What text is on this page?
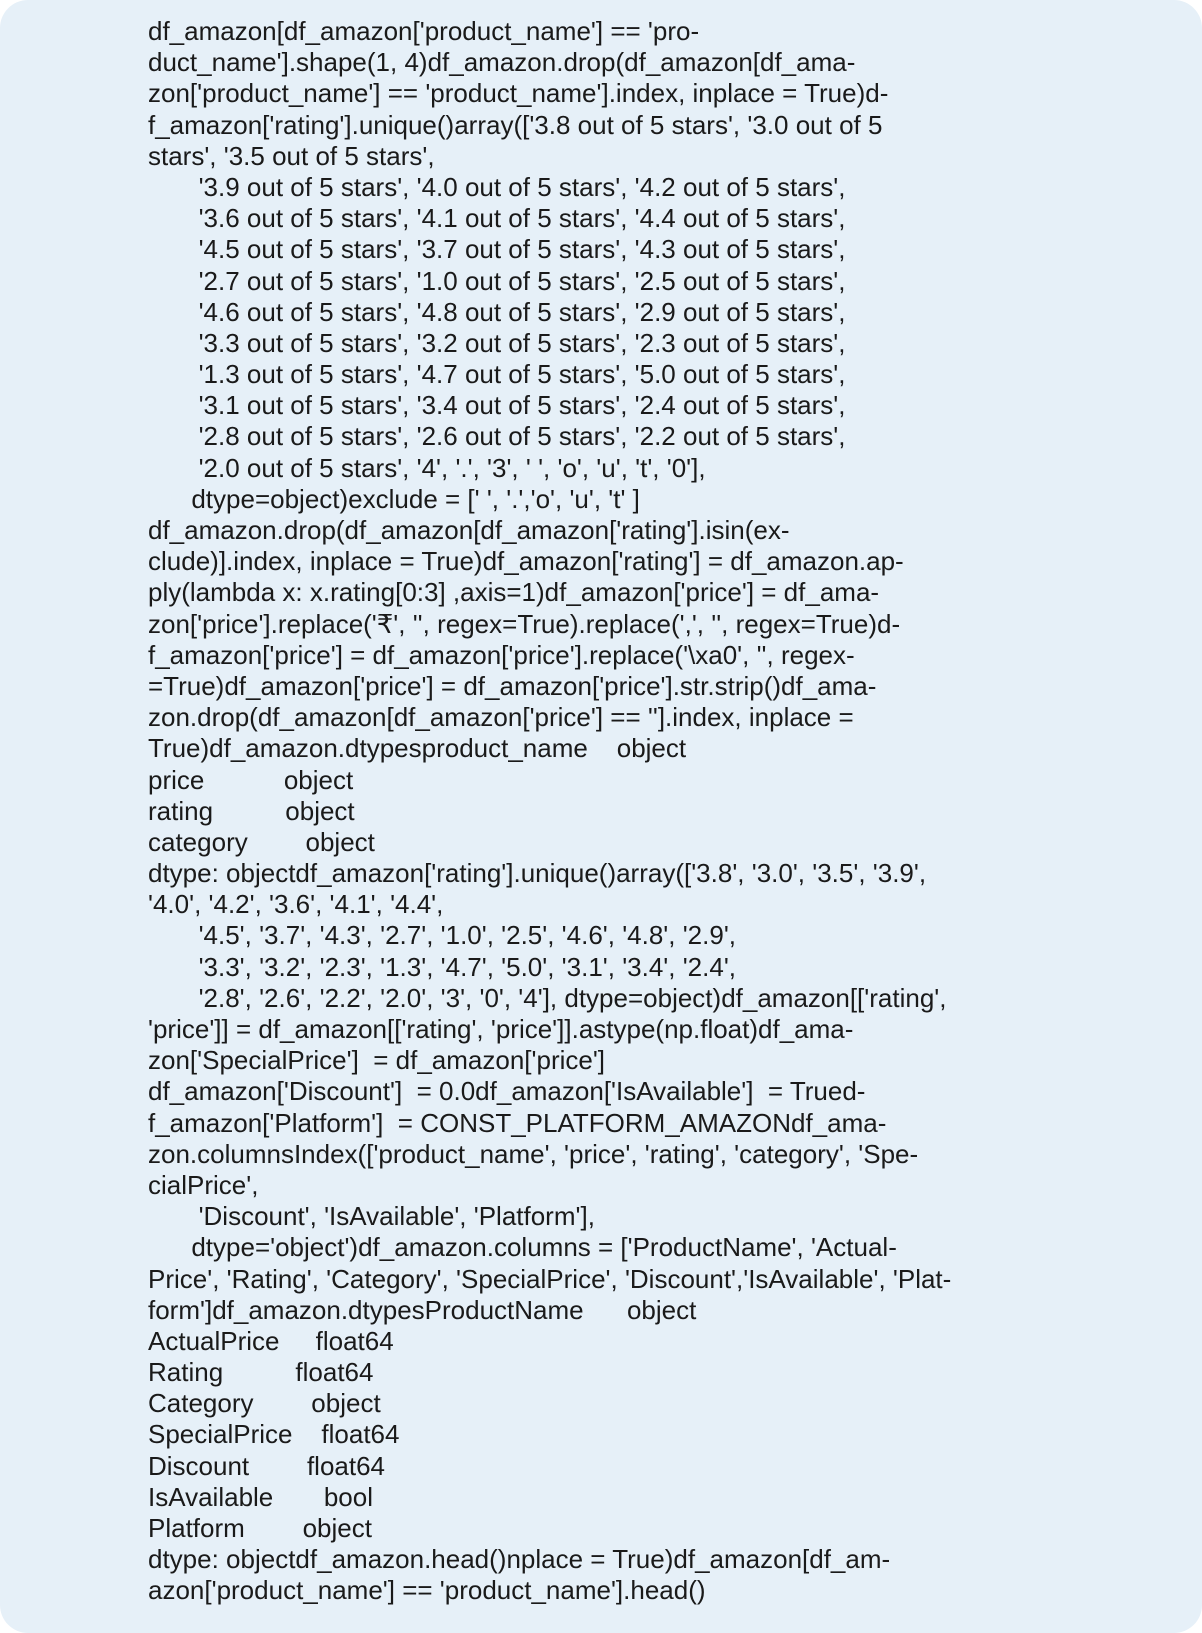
df_amazon[df_amazon['product_name'] == 'pro-
duct_name'].shape(1, 4)df_amazon.drop(df_amazon[df_ama-
zon['product_name'] == 'product_name'].index, inplace = True)d-
f_amazon['rating'].unique()array(['3.8 out of 5 stars', '3.0 out of 5
stars', '3.5 out of 5 stars',
'3.9 out of 5 stars', '4.0 out of 5 stars', '4.2 out of 5 stars',
'3.6 out of 5 stars', '4.1 out of 5 stars', '4.4 out of 5 stars',
'4.5 out of 5 stars', '3.7 out of 5 stars', '4.3 out of 5 stars',
'2.7 out of 5 stars', '1.0 out of 5 stars', '2.5 out of 5 stars',
'4.6 out of 5 stars', '4.8 out of 5 stars', '2.9 out of 5 stars',
'3.3 out of 5 stars', '3.2 out of 5 stars', '2.3 out of 5 stars',
'1.3 out of 5 stars', '4.7 out of 5 stars', '5.0 out of 5 stars',
'3.1 out of 5 stars', '3.4 out of 5 stars', '2.4 out of 5 stars',
'2.8 out of 5 stars', '2.6 out of 5 stars', '2.2 out of 5 stars',
'2.0 out of 5 stars', '4', '.', '3', ' ', 'o', 'u', 't', '0'],
dtype=object)exclude = [' ', '.','o', 'u', 't' ]
df_amazon.drop(df_amazon[df_amazon['rating'].isin(ex-
clude)].index, inplace = True)df_amazon['rating'] = df_amazon.ap-
ply(lambda x: x.rating[0:3] ,axis=1)df_amazon['price'] = df_ama-
zon['price'].replace('₹', '', regex=True).replace(',', '', regex=True)d-
f_amazon['price'] = df_amazon['price'].replace('\xa0', '', regex-
=True)df_amazon['price'] = df_amazon['price'].str.strip()df_ama-
zon.drop(df_amazon[df_amazon['price'] == ''].index, inplace =
True)df_amazon.dtypesproduct_name    object
price           object
rating          object
category        object
dtype: objectdf_amazon['rating'].unique()array(['3.8', '3.0', '3.5', '3.9',
'4.0', '4.2', '3.6', '4.1', '4.4',
'4.5', '3.7', '4.3', '2.7', '1.0', '2.5', '4.6', '4.8', '2.9',
'3.3', '3.2', '2.3', '1.3', '4.7', '5.0', '3.1', '3.4', '2.4',
'2.8', '2.6', '2.2', '2.0', '3', '0', '4'], dtype=object)df_amazon[['rating',
'price']] = df_amazon[['rating', 'price']].astype(np.float)df_ama-
zon['SpecialPrice']  = df_amazon['price']
df_amazon['Discount']  = 0.0df_amazon['IsAvailable']  = Trued-
f_amazon['Platform']  = CONST_PLATFORM_AMAZONdf_ama-
zon.columnsIndex(['product_name', 'price', 'rating', 'category', 'Spe-
cialPrice',
'Discount', 'IsAvailable', 'Platform'],
dtype='object')df_amazon.columns = ['ProductName', 'Actual-
Price', 'Rating', 'Category', 'SpecialPrice', 'Discount','IsAvailable', 'Plat-
form']df_amazon.dtypesProductName      object
ActualPrice     float64
Rating          float64
Category        object
SpecialPrice    float64
Discount        float64
IsAvailable       bool
Platform        object
dtype: objectdf_amazon.head()nplace = True)df_amazon[df_am-
azon['product_name'] == 'product_name'].head()
